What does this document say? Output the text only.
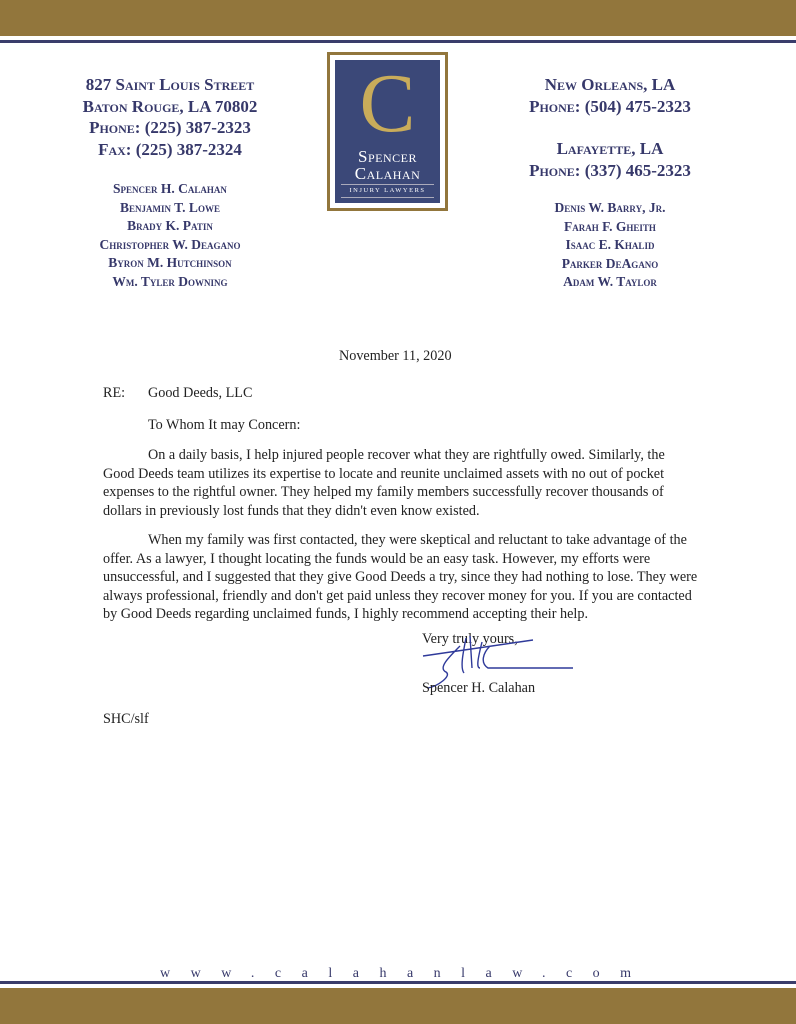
827 Saint Louis Street
Baton Rouge, LA 70802
Phone: (225) 387-2323
Fax: (225) 387-2324
Spencer H. Calahan
Benjamin T. Lowe
Brady K. Patin
Christopher W. Deagano
Byron M. Hutchinson
Wm. Tyler Downing
C
Spencer
Calahan
INJURY LAWYERS
New Orleans, LA
Phone: (504) 475-2323
Lafayette, LA
Phone: (337) 465-2323
Denis W. Barry, Jr.
Farah F. Gheith
Isaac E. Khalid
Parker DeAgano
Adam W. Taylor
November 11, 2020
RE: Good Deeds, LLC
To Whom It may Concern:
On a daily basis, I help injured people recover what they are rightfully owed. Similarly, the
Good Deeds team utilizes its expertise to locate and reunite unclaimed assets with no out of pocket
expenses to the rightful owner. They helped my family members successfully recover thousands of
dollars in previously lost funds that they didn't even know existed.
When my family was first contacted, they were skeptical and reluctant to take advantage of the
offer. As a lawyer, I thought locating the funds would be an easy task. However, my efforts were
unsuccessful, and I suggested that they give Good Deeds a try, since they had nothing to lose. They were
always professional, friendly and don't get paid unless they recover money for you. If you are contacted
by Good Deeds regarding unclaimed funds, I highly recommend accepting their help.
Very truly yours,
Spencer H. Calahan
SHC/slf
www.calahanlaw.com
